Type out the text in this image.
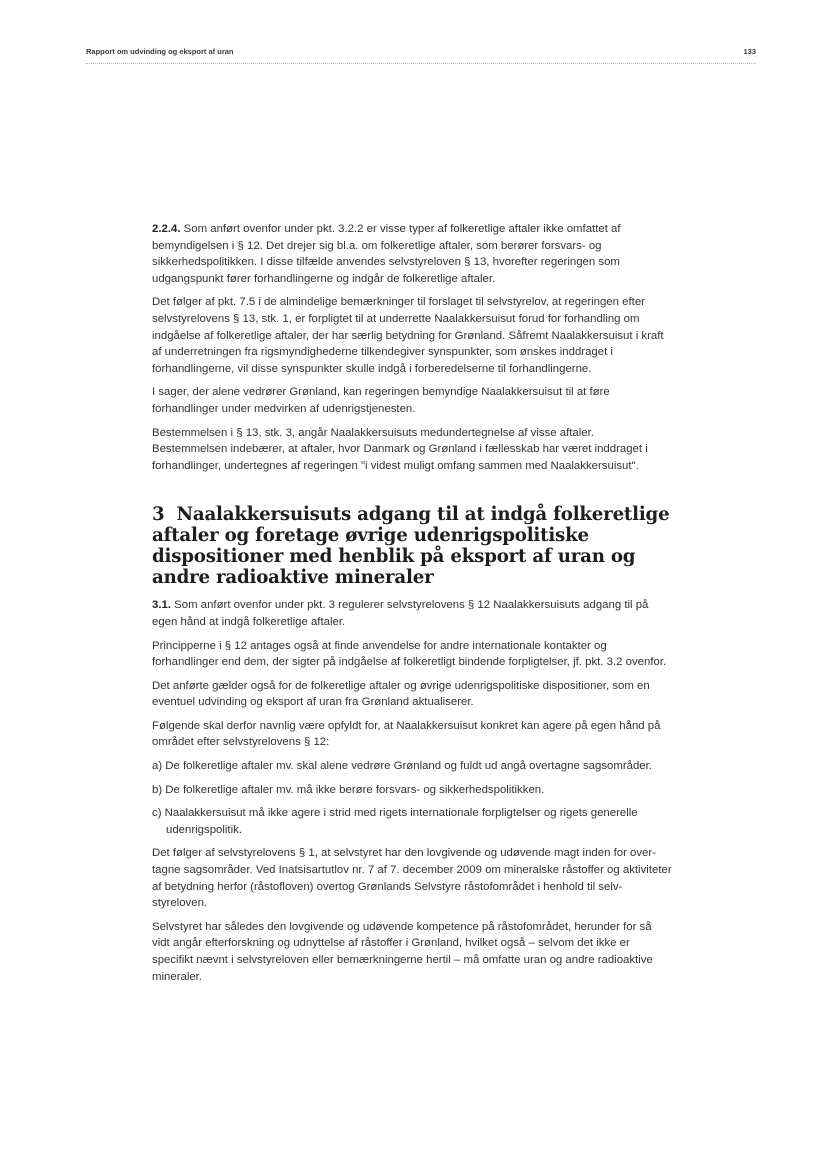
Rapport om udvinding og eksport af uran	133

2.2.4. Som anført ovenfor under pkt. 3.2.2 er visse typer af folkeretlige aftaler ikke omfattet af bemyndigelsen i § 12. Det drejer sig bl.a. om folkeretlige aftaler, som berører forsvars- og sikkerhedspolitikken. I disse tilfælde anvendes selvstyreloven § 13, hvorefter regeringen som udgangspunkt fører forhandlingerne og indgår de folkeretlige aftaler.

Det følger af pkt. 7.5 i de almindelige bemærkninger til forslaget til selvstyrelov, at regeringen efter selvstyrelovens § 13, stk. 1, er forpligtet til at underrette Naalakkersuisut forud for forhandling om indgåelse af folkeretlige aftaler, der har særlig betydning for Grønland. Såfremt Naalakkersuisut i kraft af underretningen fra rigsmyndighederne tilkendegiver synspunkter, som ønskes inddraget i forhandlingerne, vil disse synspunkter skulle indgå i forberedelserne til forhandlingerne.

I sager, der alene vedrører Grønland, kan regeringen bemyndige Naalakkersuisut til at føre forhandlinger under medvirken af udenrigstjenesten.

Bestemmelsen i § 13, stk. 3, angår Naalakkersuisuts medundertegnelse af visse aftaler. Bestemmelsen indebærer, at aftaler, hvor Danmark og Grønland i fællesskab har været inddraget i forhandlinger, undertegnes af regeringen "i videst muligt omfang sammen med Naalakkersuisut".

3 Naalakkersuisuts adgang til at indgå folkeretlige aftaler og foretage øvrige udenrigspolitiske dispositioner med henblik på eksport af uran og andre radioaktive mineraler

3.1. Som anført ovenfor under pkt. 3 regulerer selvstyrelovens § 12 Naalakkersuisuts adgang til på egen hånd at indgå folkeretlige aftaler.

Principperne i § 12 antages også at finde anvendelse for andre internationale kontakter og forhandlinger end dem, der sigter på indgåelse af folkeretligt bindende forpligtelser, jf. pkt. 3.2 ovenfor.

Det anførte gælder også for de folkeretlige aftaler og øvrige udenrigspolitiske dispositioner, som en eventuel udvinding og eksport af uran fra Grønland aktualiserer.

Følgende skal derfor navnlig være opfyldt for, at Naalakkersuisut konkret kan agere på egen hånd på området efter selvstyrelovens § 12:

a) De folkeretlige aftaler mv. skal alene vedrøre Grønland og fuldt ud angå overtagne sagsområder.

b) De folkeretlige aftaler mv. må ikke berøre forsvars- og sikkerhedspolitikken.

c) Naalakkersuisut må ikke agere i strid med rigets internationale forpligtelser og rigets generelle udenrigspolitik.

Det følger af selvstyrelovens § 1, at selvstyret har den lovgivende og udøvende magt inden for over-tagne sagsområder. Ved Inatsisartutlov nr. 7 af 7. december 2009 om mineralske råstoffer og aktiviteter af betydning herfor (råstofloven) overtog Grønlands Selvstyre råstofområdet i henhold til selv-styreloven.

Selvstyret har således den lovgivende og udøvende kompetence på råstofområdet, herunder for så vidt angår efterforskning og udnyttelse af råstoffer i Grønland, hvilket også – selvom det ikke er specifikt nævnt i selvstyreloven eller bemærkningerne hertil – må omfatte uran og andre radioaktive mineraler.
